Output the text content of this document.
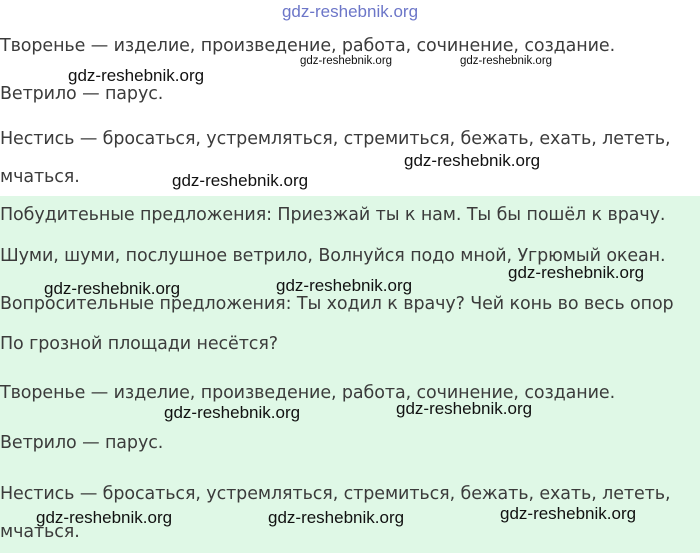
gdz-reshebnik.org

Творенье — изделие, произведение, работа, сочинение, создание.

Ветрило — парус.

Нестись — бросаться, устремляться, стремиться, бежать, ехать, лететь,

мчаться.

Побудитеьные предложения: Приезжай ты к нам. Ты бы пошёл к врачу.

Шуми, шуми, послушное ветрило, Волнуйся подо мной, Угрюмый океан.

Вопросительные предложения: Ты ходил к врачу? Чей конь во весь опор

По грозной площади несётся?

Творенье — изделие, произведение, работа, сочинение, создание.

Ветрило — парус.

Нестись — бросаться, устремляться, стремиться, бежать, ехать, лететь,

мчаться.

gdz-reshebnik.org
gdz-reshebnik.org	gdz-reshebnik.org
gdz-reshebnik.org
gdz-reshebnik.org
gdz-reshebnik.org
gdz-reshebnik.org	gdz-reshebnik.org
gdz-reshebnik.org
gdz-reshebnik.org
gdz-reshebnik.org	gdz-reshebnik.org	gdz-reshebnik.org
